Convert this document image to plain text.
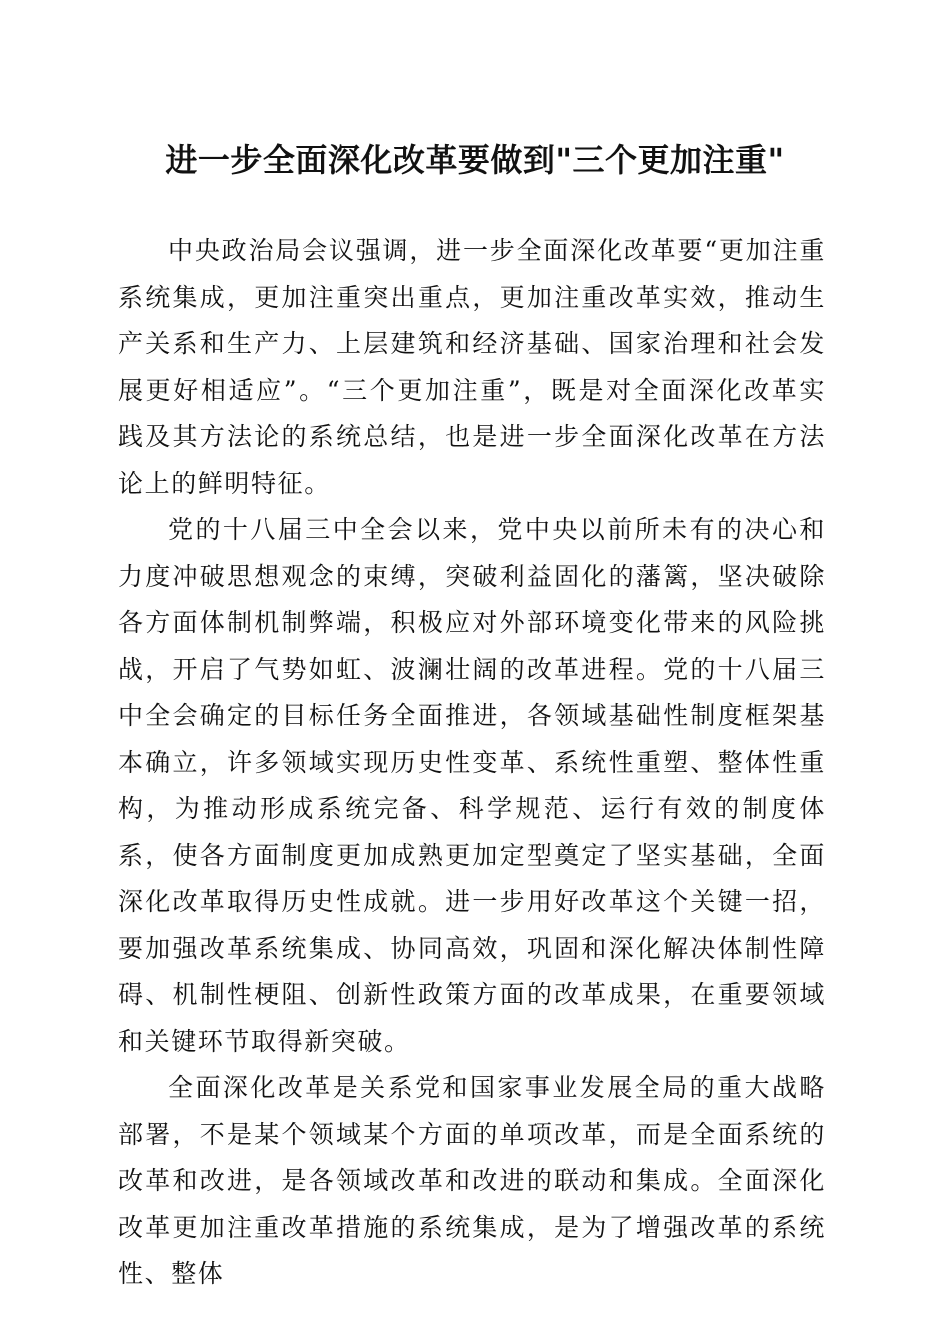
进一步全面深化改革要做到"三个更加注重"

中央政治局会议强调，进一步全面深化改革要“更加注重系统集成，更加注重突出重点，更加注重改革实效，推动生产关系和生产力、上层建筑和经济基础、国家治理和社会发展更好相适应”。“三个更加注重”，既是对全面深化改革实践及其方法论的系统总结，也是进一步全面深化改革在方法论上的鲜明特征。

党的十八届三中全会以来，党中央以前所未有的决心和力度冲破思想观念的束缚，突破利益固化的藩篱，坚决破除各方面体制机制弊端，积极应对外部环境变化带来的风险挑战，开启了气势如虹、波澜壮阔的改革进程。党的十八届三中全会确定的目标任务全面推进，各领域基础性制度框架基本确立，许多领域实现历史性变革、系统性重塑、整体性重构，为推动形成系统完备、科学规范、运行有效的制度体系，使各方面制度更加成熟更加定型奠定了坚实基础，全面深化改革取得历史性成就。进一步用好改革这个关键一招，要加强改革系统集成、协同高效，巩固和深化解决体制性障碍、机制性梗阻、创新性政策方面的改革成果，在重要领域和关键环节取得新突破。

全面深化改革是关系党和国家事业发展全局的重大战略部署，不是某个领域某个方面的单项改革，而是全面系统的改革和改进，是各领域改革和改进的联动和集成。全面深化改革更加注重改革措施的系统集成，是为了增强改革的系统性、整体
